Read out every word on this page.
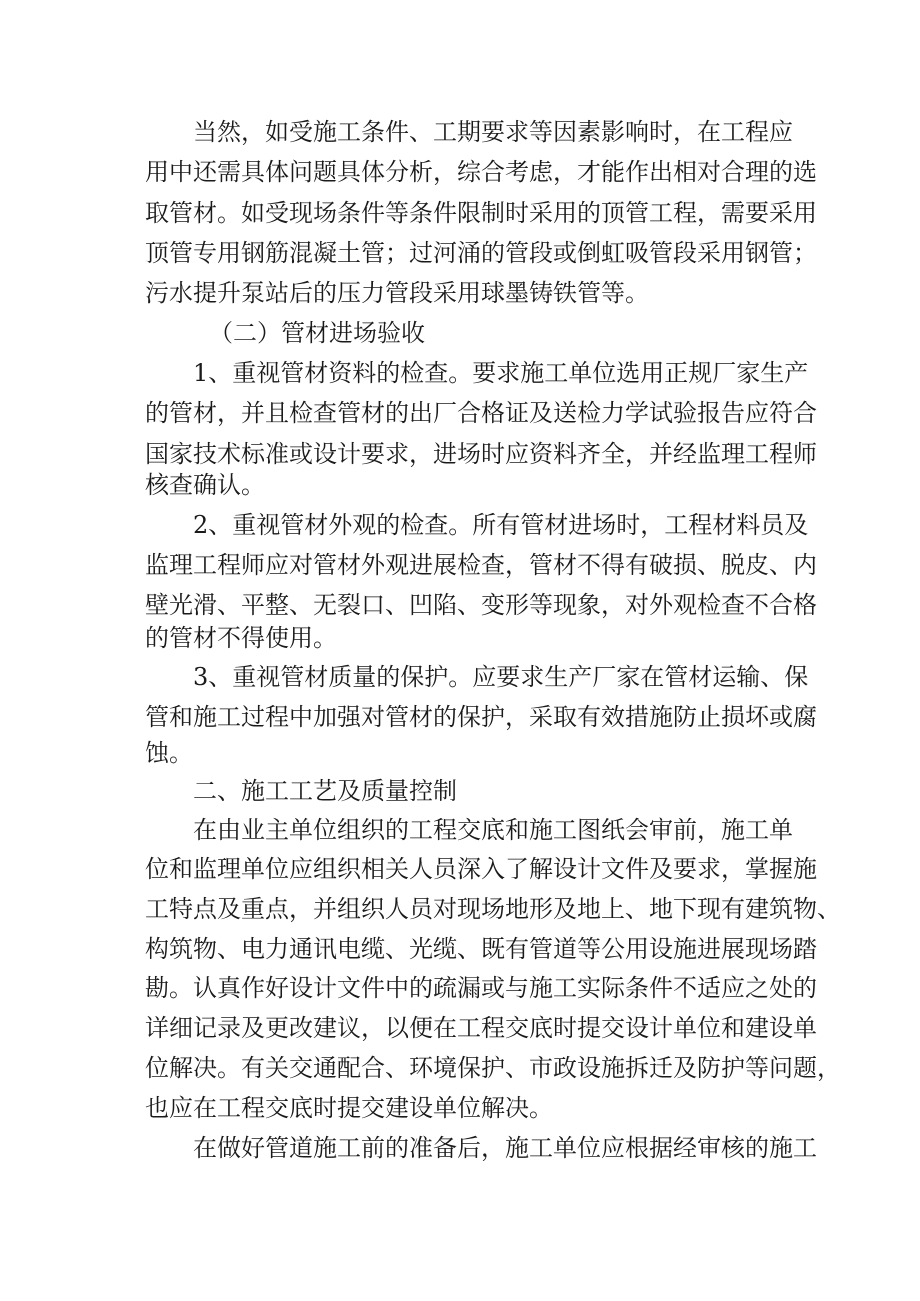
当然，如受施工条件、工期要求等因素影响时，在工程应
用中还需具体问题具体分析，综合考虑，才能作出相对合理的选
取管材。如受现场条件等条件限制时采用的顶管工程，需要采用
顶管专用钢筋混凝土管；过河涌的管段或倒虹吸管段采用钢管；
污水提升泵站后的压力管段采用球墨铸铁管等。
（二）管材进场验收
1、重视管材资料的检查。要求施工单位选用正规厂家生产
的管材，并且检查管材的出厂合格证及送检力学试验报告应符合
国家技术标准或设计要求，进场时应资料齐全，并经监理工程师
核查确认。
2、重视管材外观的检查。所有管材进场时，工程材料员及
监理工程师应对管材外观进展检查，管材不得有破损、脱皮、内
壁光滑、平整、无裂口、凹陷、变形等现象，对外观检查不合格
的管材不得使用。
3、重视管材质量的保护。应要求生产厂家在管材运输、保
管和施工过程中加强对管材的保护，采取有效措施防止损坏或腐
蚀。
二、施工工艺及质量控制
在由业主单位组织的工程交底和施工图纸会审前，施工单
位和监理单位应组织相关人员深入了解设计文件及要求，掌握施
工特点及重点，并组织人员对现场地形及地上、地下现有建筑物、
构筑物、电力通讯电缆、光缆、既有管道等公用设施进展现场踏
勘。认真作好设计文件中的疏漏或与施工实际条件不适应之处的
详细记录及更改建议，以便在工程交底时提交设计单位和建设单
位解决。有关交通配合、环境保护、市政设施拆迁及防护等问题，
也应在工程交底时提交建设单位解决。
在做好管道施工前的准备后，施工单位应根据经审核的施工
